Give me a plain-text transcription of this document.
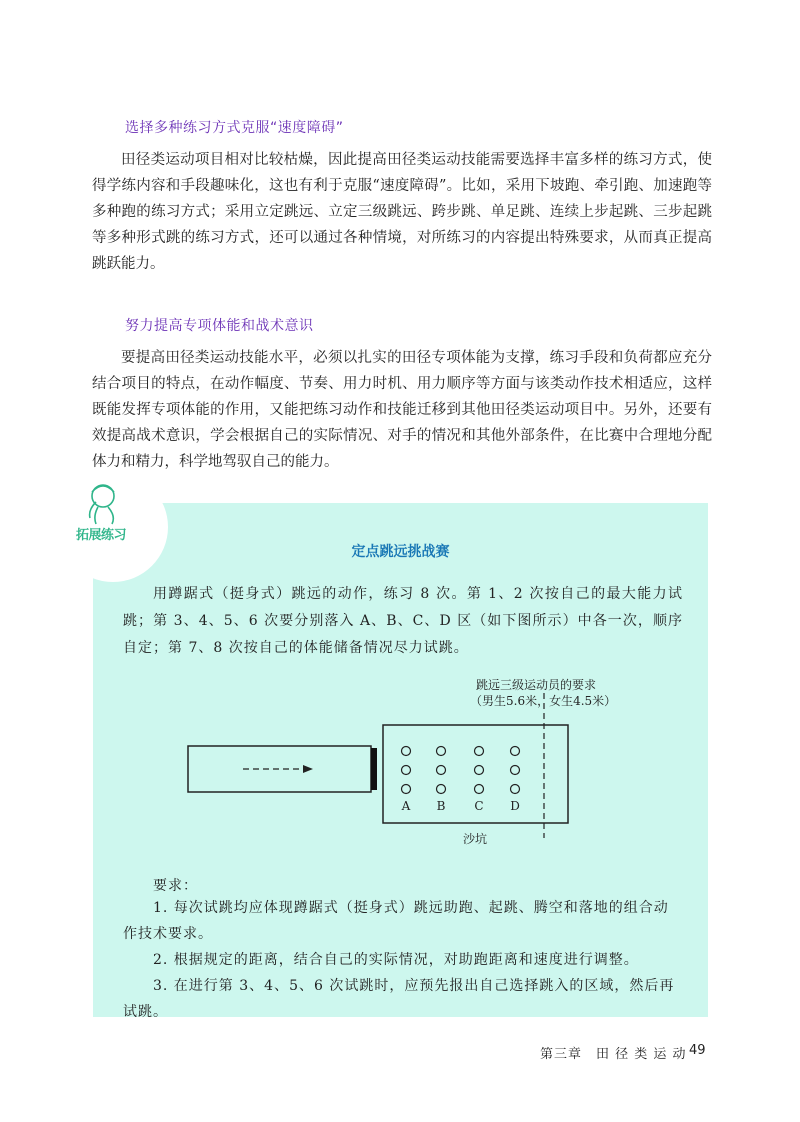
选择多种练习方式克服“速度障碍”

田径类运动项目相对比较枯燥，因此提高田径类运动技能需要选择丰富多样的练习方式，使得学练内容和手段趣味化，这也有利于克服“速度障碍”。比如，采用下坡跑、牵引跑、加速跑等多种跑的练习方式；采用立定跳远、立定三级跳远、跨步跳、单足跳、连续上步起跳、三步起跳等多种形式跳的练习方式，还可以通过各种情境，对所练习的内容提出特殊要求，从而真正提高跳跃能力。

努力提高专项体能和战术意识

要提高田径类运动技能水平，必须以扎实的田径专项体能为支撑，练习手段和负荷都应充分结合项目的特点，在动作幅度、节奏、用力时机、用力顺序等方面与该类动作技术相适应，这样既能发挥专项体能的作用，又能把练习动作和技能迁移到其他田径类运动项目中。另外，还要有效提高战术意识，学会根据自己的实际情况、对手的情况和其他外部条件，在比赛中合理地分配体力和精力，科学地驾驭自己的能力。

定点跳远挑战赛

用蹲踞式（挺身式）跳远的动作，练习 8 次。第 1、2 次按自己的最大能力试跳；第 3、4、5、6 次要分别落入 A、B、C、D 区（如下图所示）中各一次，顺序自定；第 7、8 次按自己的体能储备情况尽力试跳。

跳远三级运动员的要求
（男生5.6米，女生4.5米）
A B C D
沙坑
要求：

1. 每次试跳均应体现蹲踞式（挺身式）跳远助跑、起跳、腾空和落地的组合动作技术要求。

2. 根据规定的距离，结合自己的实际情况，对助跑距离和速度进行调整。

3. 在进行第 3、4、5、6 次试跳时，应预先报出自己选择跳入的区域，然后再试跳。

拓展练习
第三章　田 径 类 运 动 49
